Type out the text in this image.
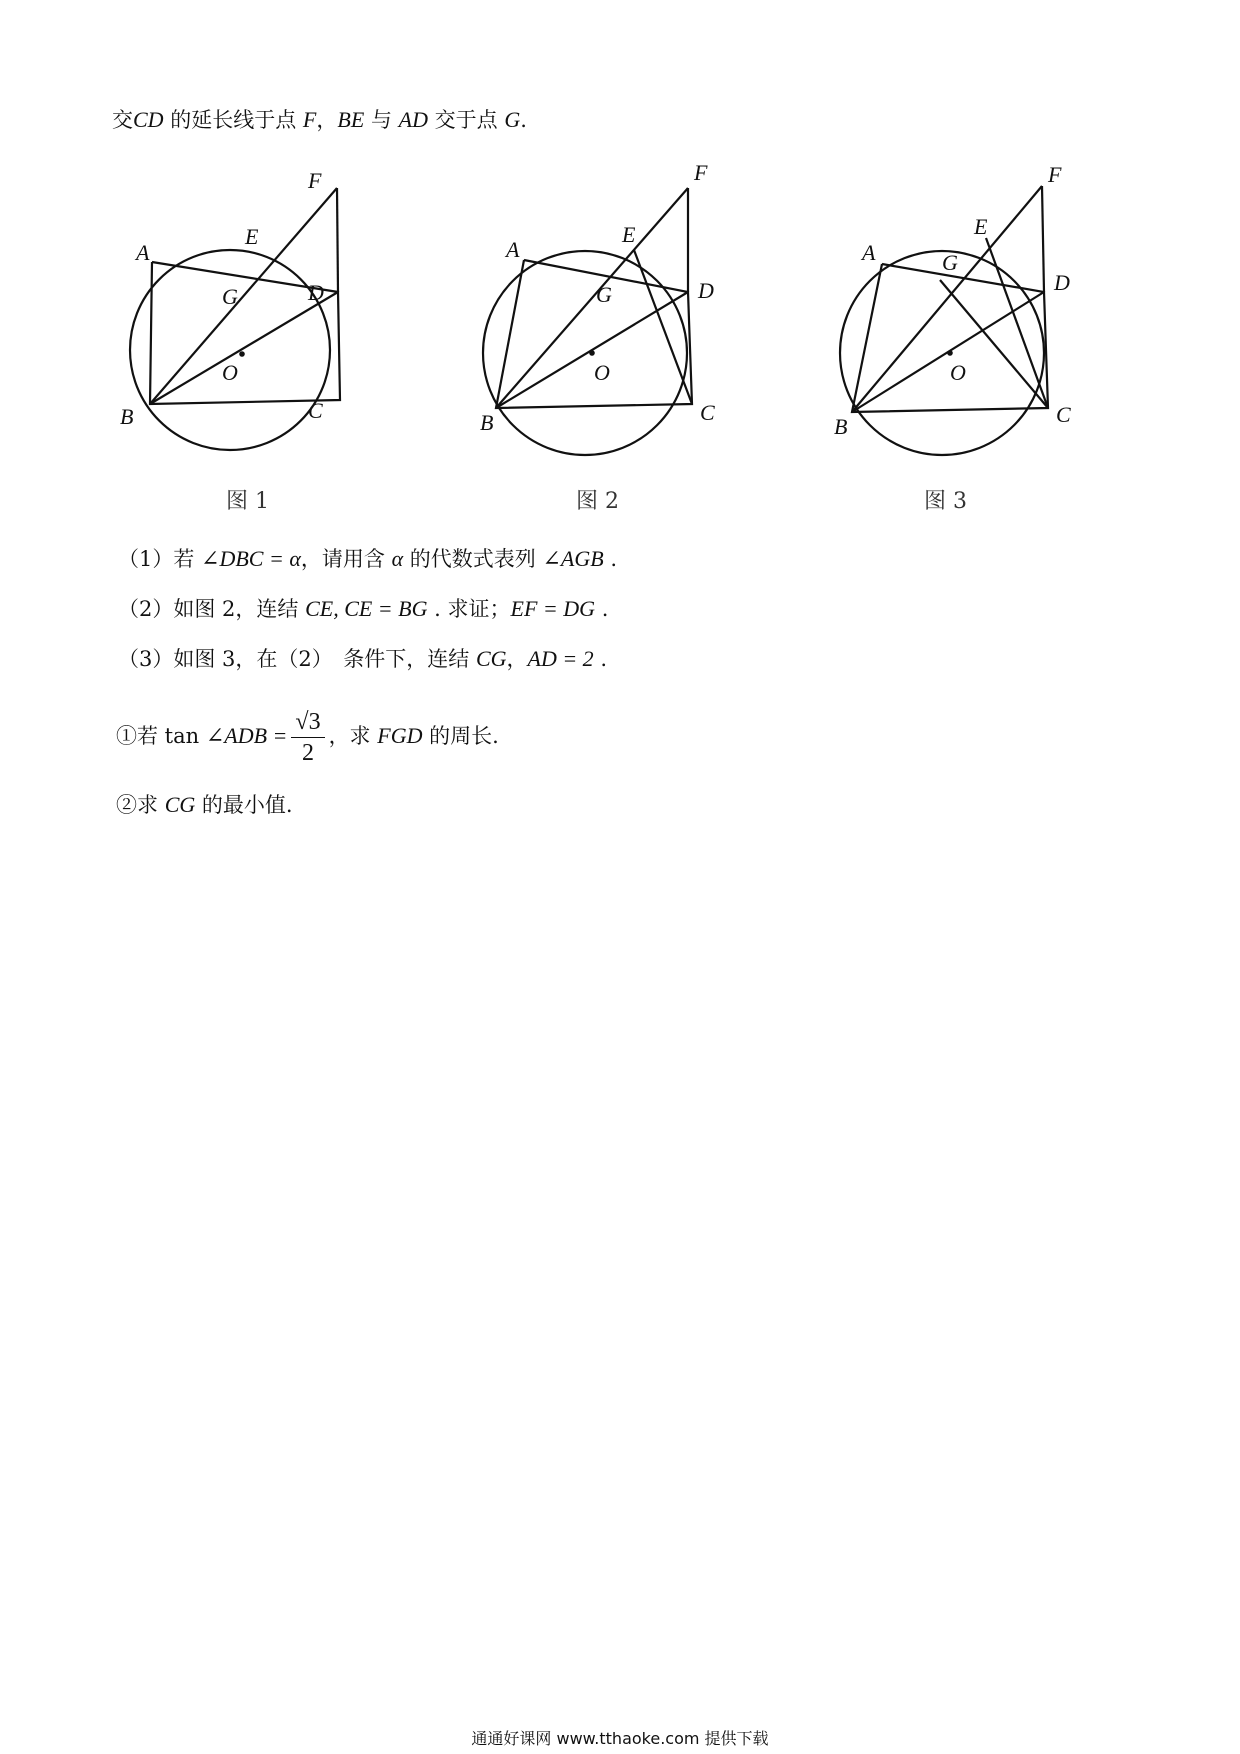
交CD 的延长线于点 F，BE 与 AD 交于点 G.
A
B	C
D
E
F
G
O
图 1
A
B	C
D
E
F
G
O
图 2
A
B	C
D
E
F
G
O
图 3
（1）若 ∠DBC = α，请用含 α 的代数式表列 ∠AGB .
（2）如图 2，连结 CE, CE = BG . 求证；EF = DG .
（3）如图 3，在（2）　条件下，连结 CG，AD = 2 .
①若 tan ∠ADB = $\frac{√3}{2}$ ，求 FGD 的周长.
②求 CG 的最小值.
通通好课网 www.tthaoke.com 提供下载
